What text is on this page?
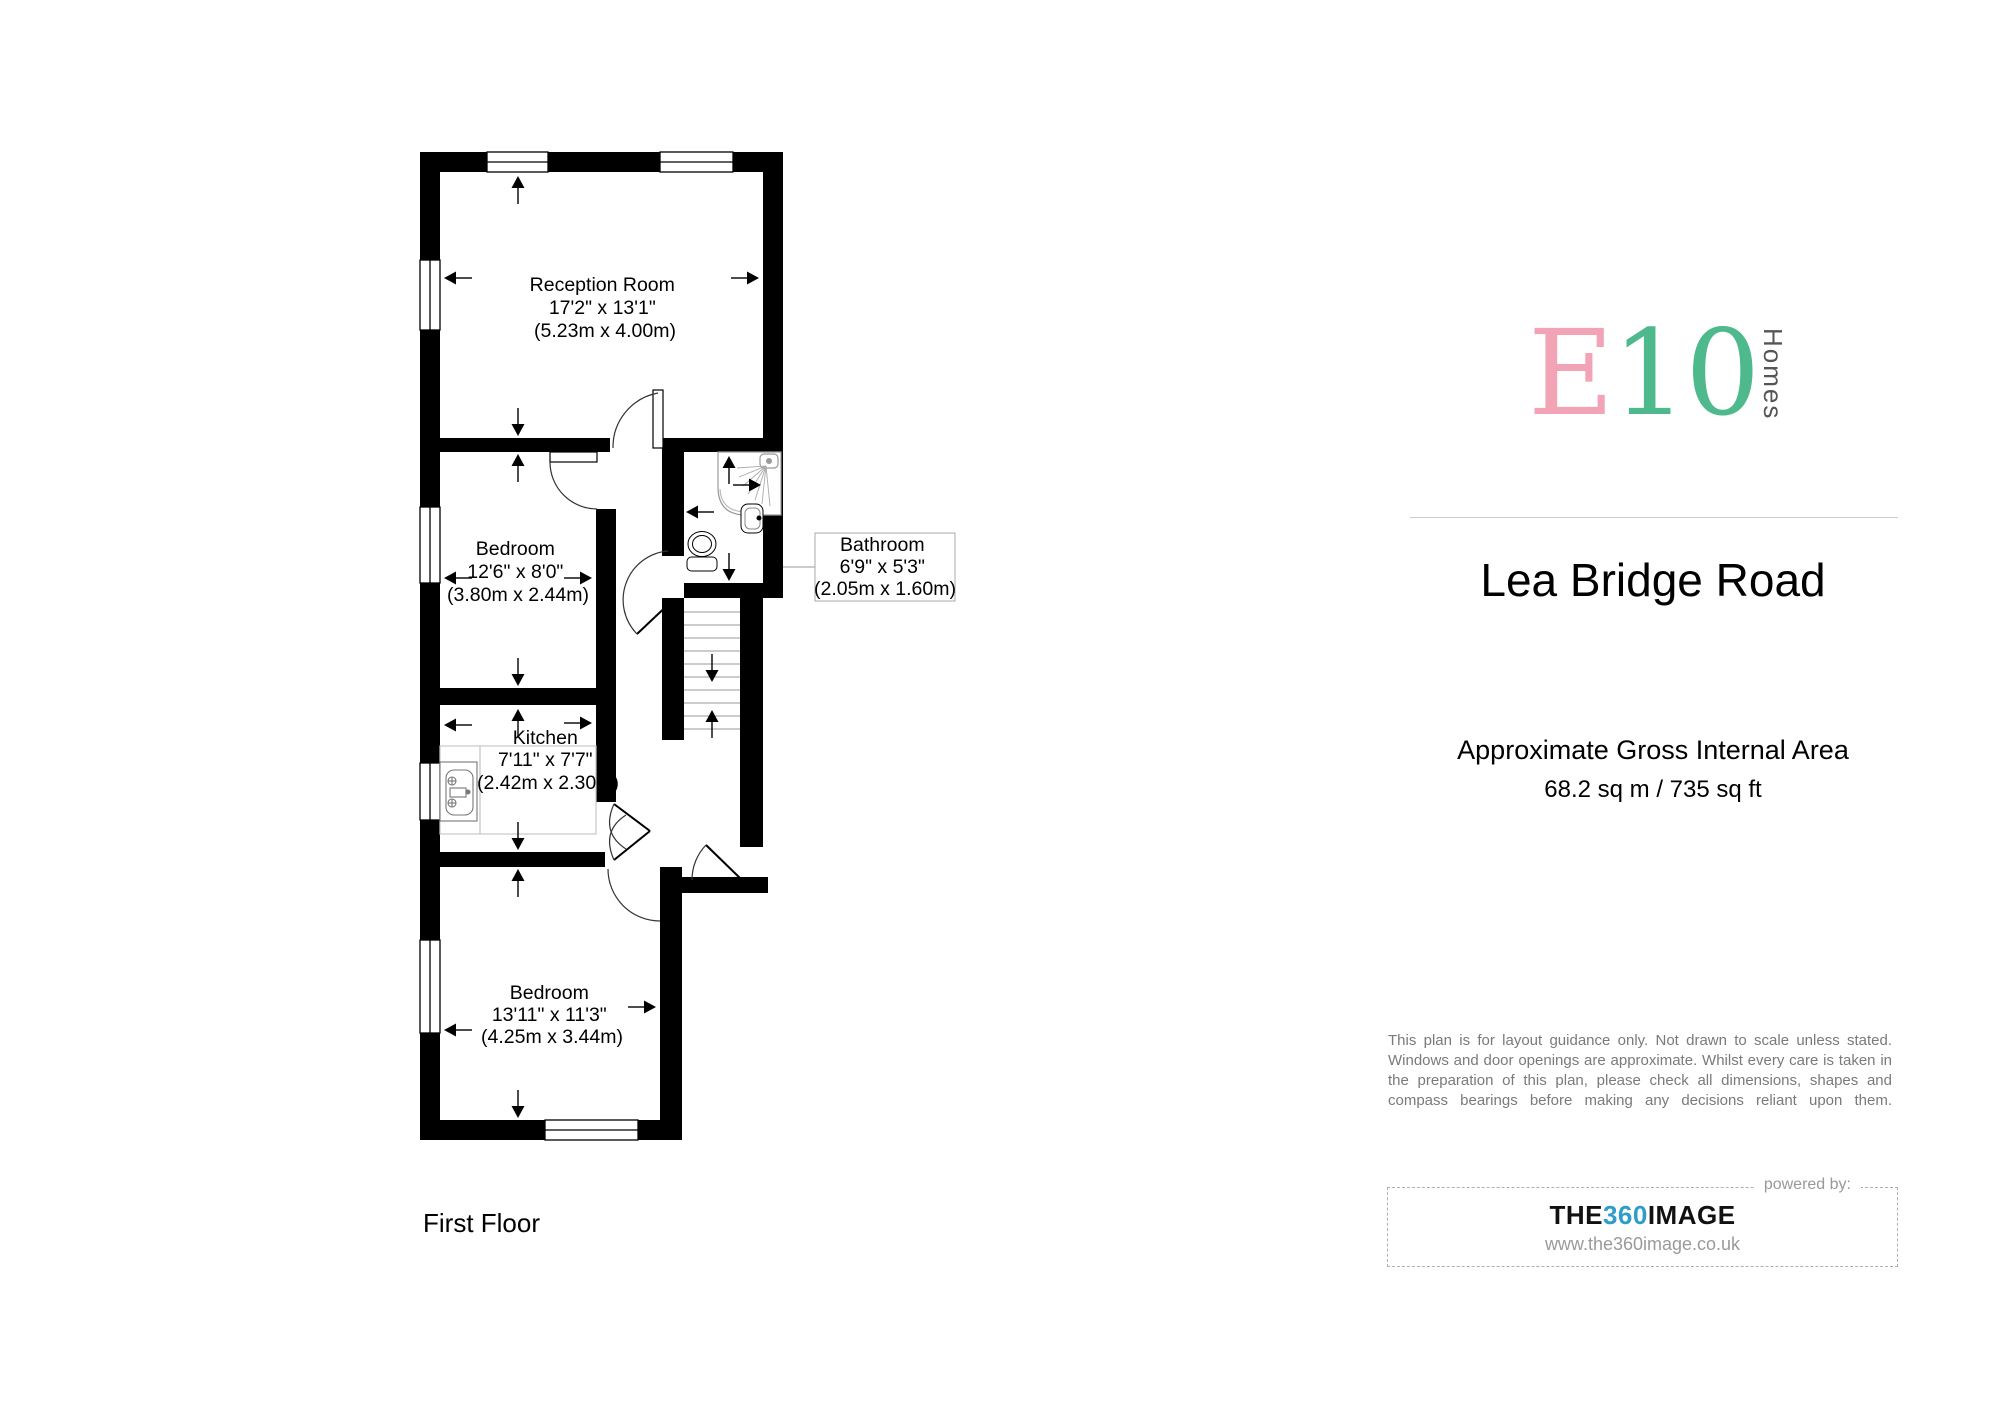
Reception Room 17'2" x 13'1" (5.23m x 4.00m)
Bedroom 12'6" x 8'0" (3.80m x 2.44m)
Kitchen 7'11" x 7'7" (2.42m x 2.30m)
Bedroom 13'11" x 11'3" (4.25m x 3.44m)
Bathroom 6'9" x 5'3" (2.05m x 1.60m)
First Floor
E10 Homes
Lea Bridge Road
Approximate Gross Internal Area
68.2 sq m / 735 sq ft
This plan is for layout guidance only. Not drawn to scale unless stated. Windows and door openings are approximate. Whilst every care is taken in the preparation of this plan, please check all dimensions, shapes and compass bearings before making any decisions reliant upon them.
powered by:
THE360IMAGE
www.the360image.co.uk
